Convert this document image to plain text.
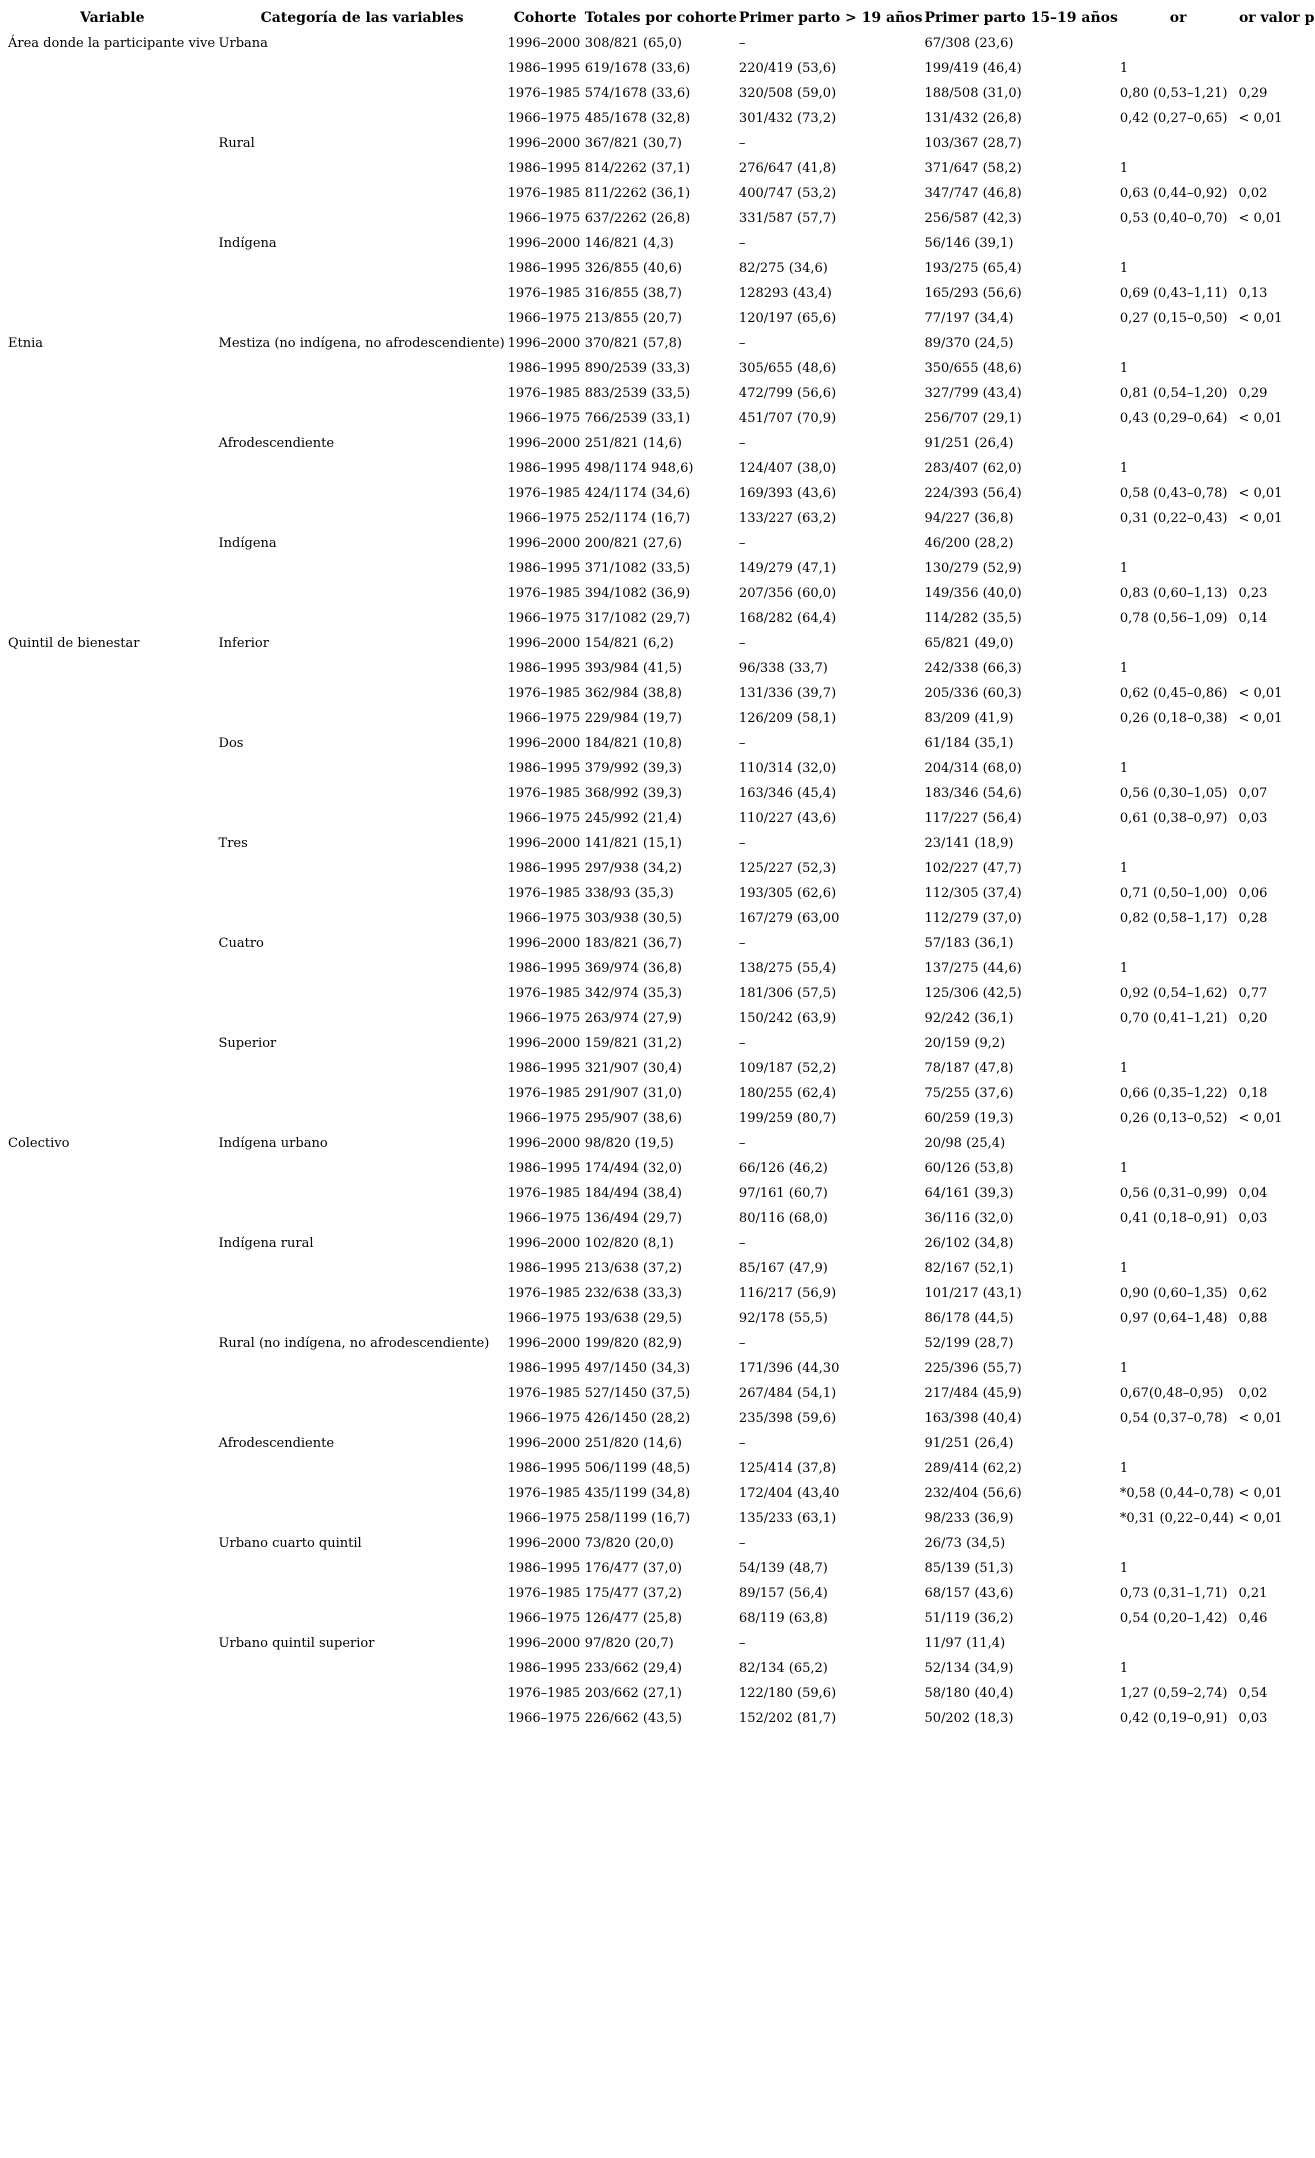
Variable	Categoría de las variables	Cohorte	Totales por cohorte	Primer parto > 19 años	Primer parto 15–19 años	or	or valor p
Área donde la participante vive	Urbana	1996–2000	308/821 (65,0)	–	67/308 (23,6)		
		1986–1995	619/1678 (33,6)	220/419 (53,6)	199/419 (46,4)	1	
		1976–1985	574/1678 (33,6)	320/508 (59,0)	188/508 (31,0)	0,80 (0,53–1,21)	0,29
		1966–1975	485/1678 (32,8)	301/432 (73,2)	131/432 (26,8)	0,42 (0,27–0,65)	< 0,01
	Rural	1996–2000	367/821 (30,7)	–	103/367 (28,7)		
		1986–1995	814/2262 (37,1)	276/647 (41,8)	371/647 (58,2)	1	
		1976–1985	811/2262 (36,1)	400/747 (53,2)	347/747 (46,8)	0,63 (0,44–0,92)	0,02
		1966–1975	637/2262 (26,8)	331/587 (57,7)	256/587 (42,3)	0,53 (0,40–0,70)	< 0,01
	Indígena	1996–2000	146/821 (4,3)	–	56/146 (39,1)		
		1986–1995	326/855 (40,6)	82/275 (34,6)	193/275 (65,4)	1	
		1976–1985	316/855 (38,7)	128293 (43,4)	165/293 (56,6)	0,69 (0,43–1,11)	0,13
		1966–1975	213/855 (20,7)	120/197 (65,6)	77/197 (34,4)	0,27 (0,15–0,50)	< 0,01
Etnia	Mestiza (no indígena, no afrodescendiente)	1996–2000	370/821 (57,8)	–	89/370 (24,5)		
		1986–1995	890/2539 (33,3)	305/655 (48,6)	350/655 (48,6)	1	
		1976–1985	883/2539 (33,5)	472/799 (56,6)	327/799 (43,4)	0,81 (0,54–1,20)	0,29
		1966–1975	766/2539 (33,1)	451/707 (70,9)	256/707 (29,1)	0,43 (0,29–0,64)	< 0,01
	Afrodescendiente	1996–2000	251/821 (14,6)	–	91/251 (26,4)		
		1986–1995	498/1174 948,6)	124/407 (38,0)	283/407 (62,0)	1	
		1976–1985	424/1174 (34,6)	169/393 (43,6)	224/393 (56,4)	0,58 (0,43–0,78)	< 0,01
		1966–1975	252/1174 (16,7)	133/227 (63,2)	94/227 (36,8)	0,31 (0,22–0,43)	< 0,01
	Indígena	1996–2000	200/821 (27,6)	–	46/200 (28,2)		
		1986–1995	371/1082 (33,5)	149/279 (47,1)	130/279 (52,9)	1	
		1976–1985	394/1082 (36,9)	207/356 (60,0)	149/356 (40,0)	0,83 (0,60–1,13)	0,23
		1966–1975	317/1082 (29,7)	168/282 (64,4)	114/282 (35,5)	0,78 (0,56–1,09)	0,14
Quintil de bienestar	Inferior	1996–2000	154/821 (6,2)	–	65/821 (49,0)		
		1986–1995	393/984 (41,5)	96/338 (33,7)	242/338 (66,3)	1	
		1976–1985	362/984 (38,8)	131/336 (39,7)	205/336 (60,3)	0,62 (0,45–0,86)	< 0,01
		1966–1975	229/984 (19,7)	126/209 (58,1)	83/209 (41,9)	0,26 (0,18–0,38)	< 0,01
	Dos	1996–2000	184/821 (10,8)	–	61/184 (35,1)		
		1986–1995	379/992 (39,3)	110/314 (32,0)	204/314 (68,0)	1	
		1976–1985	368/992 (39,3)	163/346 (45,4)	183/346 (54,6)	0,56 (0,30–1,05)	0,07
		1966–1975	245/992 (21,4)	110/227 (43,6)	117/227 (56,4)	0,61 (0,38–0,97)	0,03
	Tres	1996–2000	141/821 (15,1)	–	23/141 (18,9)		
		1986–1995	297/938 (34,2)	125/227 (52,3)	102/227 (47,7)	1	
		1976–1985	338/93 (35,3)	193/305 (62,6)	112/305 (37,4)	0,71 (0,50–1,00)	0,06
		1966–1975	303/938 (30,5)	167/279 (63,00	112/279 (37,0)	0,82 (0,58–1,17)	0,28
	Cuatro	1996–2000	183/821 (36,7)	–	57/183 (36,1)		
		1986–1995	369/974 (36,8)	138/275 (55,4)	137/275 (44,6)	1	
		1976–1985	342/974 (35,3)	181/306 (57,5)	125/306 (42,5)	0,92 (0,54–1,62)	0,77
		1966–1975	263/974 (27,9)	150/242 (63,9)	92/242 (36,1)	0,70 (0,41–1,21)	0,20
	Superior	1996–2000	159/821 (31,2)	–	20/159 (9,2)		
		1986–1995	321/907 (30,4)	109/187 (52,2)	78/187 (47,8)	1	
		1976–1985	291/907 (31,0)	180/255 (62,4)	75/255 (37,6)	0,66 (0,35–1,22)	0,18
		1966–1975	295/907 (38,6)	199/259 (80,7)	60/259 (19,3)	0,26 (0,13–0,52)	< 0,01
Colectivo	Indígena urbano	1996–2000	98/820 (19,5)	–	20/98 (25,4)		
		1986–1995	174/494 (32,0)	66/126 (46,2)	60/126 (53,8)	1	
		1976–1985	184/494 (38,4)	97/161 (60,7)	64/161 (39,3)	0,56 (0,31–0,99)	0,04
		1966–1975	136/494 (29,7)	80/116 (68,0)	36/116 (32,0)	0,41 (0,18–0,91)	0,03
	Indígena rural	1996–2000	102/820 (8,1)	–	26/102 (34,8)		
		1986–1995	213/638 (37,2)	85/167 (47,9)	82/167 (52,1)	1	
		1976–1985	232/638 (33,3)	116/217 (56,9)	101/217 (43,1)	0,90 (0,60–1,35)	0,62
		1966–1975	193/638 (29,5)	92/178 (55,5)	86/178 (44,5)	0,97 (0,64–1,48)	0,88
	Rural (no indígena, no afrodescendiente)	1996–2000	199/820 (82,9)	–	52/199 (28,7)		
		1986–1995	497/1450 (34,3)	171/396 (44,30	225/396 (55,7)	1	
		1976–1985	527/1450 (37,5)	267/484 (54,1)	217/484 (45,9)	0,67(0,48–0,95)	0,02
		1966–1975	426/1450 (28,2)	235/398 (59,6)	163/398 (40,4)	0,54 (0,37–0,78)	< 0,01
	Afrodescendiente	1996–2000	251/820 (14,6)	–	91/251 (26,4)		
		1986–1995	506/1199 (48,5)	125/414 (37,8)	289/414 (62,2)	1	
		1976–1985	435/1199 (34,8)	172/404 (43,40	232/404 (56,6)	*0,58 (0,44–0,78)	< 0,01
		1966–1975	258/1199 (16,7)	135/233 (63,1)	98/233 (36,9)	*0,31 (0,22–0,44)	< 0,01
	Urbano cuarto quintil	1996–2000	73/820 (20,0)	–	26/73 (34,5)		
		1986–1995	176/477 (37,0)	54/139 (48,7)	85/139 (51,3)	1	
		1976–1985	175/477 (37,2)	89/157 (56,4)	68/157 (43,6)	0,73 (0,31–1,71)	0,21
		1966–1975	126/477 (25,8)	68/119 (63,8)	51/119 (36,2)	0,54 (0,20–1,42)	0,46
	Urbano quintil superior	1996–2000	97/820 (20,7)	–	11/97 (11,4)		
		1986–1995	233/662 (29,4)	82/134 (65,2)	52/134 (34,9)	1	
		1976–1985	203/662 (27,1)	122/180 (59,6)	58/180 (40,4)	1,27 (0,59–2,74)	0,54
		1966–1975	226/662 (43,5)	152/202 (81,7)	50/202 (18,3)	0,42 (0,19–0,91)	0,03
